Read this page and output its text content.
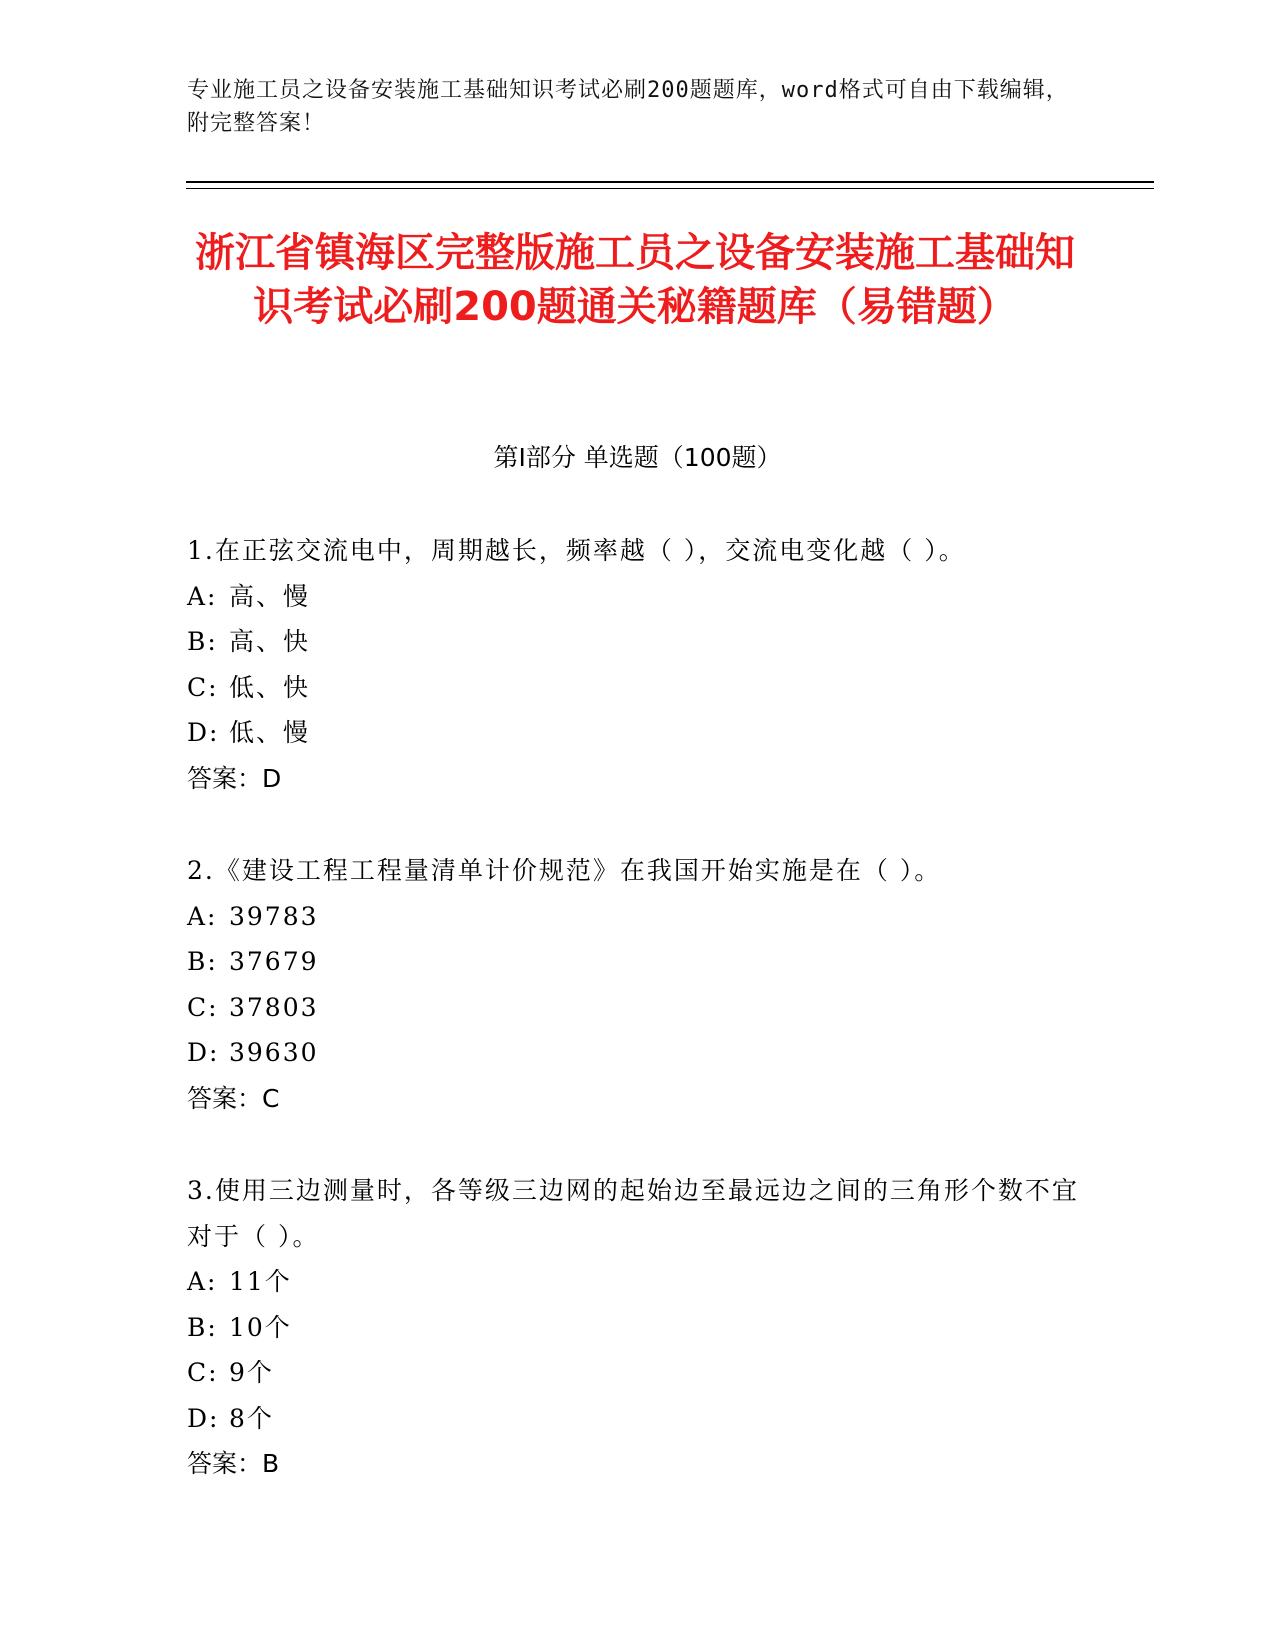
专业施工员之设备安装施工基础知识考试必刷200题题库，word格式可自由下载编辑，附完整答案！
浙江省镇海区完整版施工员之设备安装施工基础知识考试必刷200题通关秘籍题库（易错题）
第Ⅰ部分 单选题（100题）

1.在正弦交流电中，周期越长，频率越（ ），交流电变化越（ ）。

A: 高、慢

B: 高、快

C: 低、快

D: 低、慢

答案：D

2.《建设工程工程量清单计价规范》在我国开始实施是在（ ）。

A: 39783

B: 37679

C: 37803

D: 39630

答案：C

3.使用三边测量时，各等级三边网的起始边至最远边之间的三角形个数不宜对于（ ）。

A: 11个

B: 10个

C: 9个

D: 8个

答案：B
